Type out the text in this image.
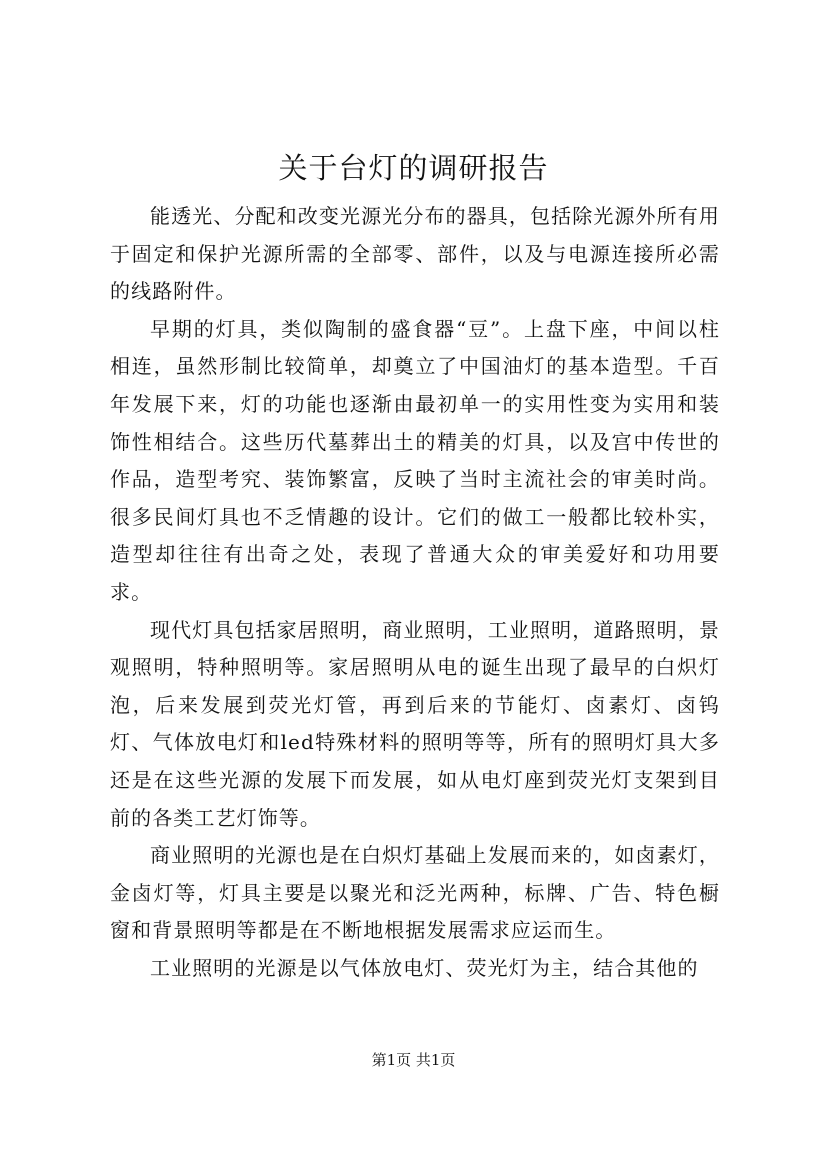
关于台灯的调研报告

能透光、分配和改变光源光分布的器具，包括除光源外所有用于固定和保护光源所需的全部零、部件，以及与电源连接所必需的线路附件。

早期的灯具，类似陶制的盛食器“豆”。上盘下座，中间以柱相连，虽然形制比较简单，却奠立了中国油灯的基本造型。千百年发展下来，灯的功能也逐渐由最初单一的实用性变为实用和装饰性相结合。这些历代墓葬出土的精美的灯具，以及宫中传世的作品，造型考究、装饰繁富，反映了当时主流社会的审美时尚。很多民间灯具也不乏情趣的设计。它们的做工一般都比较朴实，造型却往往有出奇之处，表现了普通大众的审美爱好和功用要求。

现代灯具包括家居照明，商业照明，工业照明，道路照明，景观照明，特种照明等。家居照明从电的诞生出现了最早的白炽灯泡，后来发展到荧光灯管，再到后来的节能灯、卤素灯、卤钨灯、气体放电灯和led特殊材料的照明等等，所有的照明灯具大多还是在这些光源的发展下而发展，如从电灯座到荧光灯支架到目前的各类工艺灯饰等。

商业照明的光源也是在白炽灯基础上发展而来的，如卤素灯，金卤灯等，灯具主要是以聚光和泛光两种，标牌、广告、特色橱窗和背景照明等都是在不断地根据发展需求应运而生。

工业照明的光源是以气体放电灯、荧光灯为主，结合其他的

第1页 共1页
